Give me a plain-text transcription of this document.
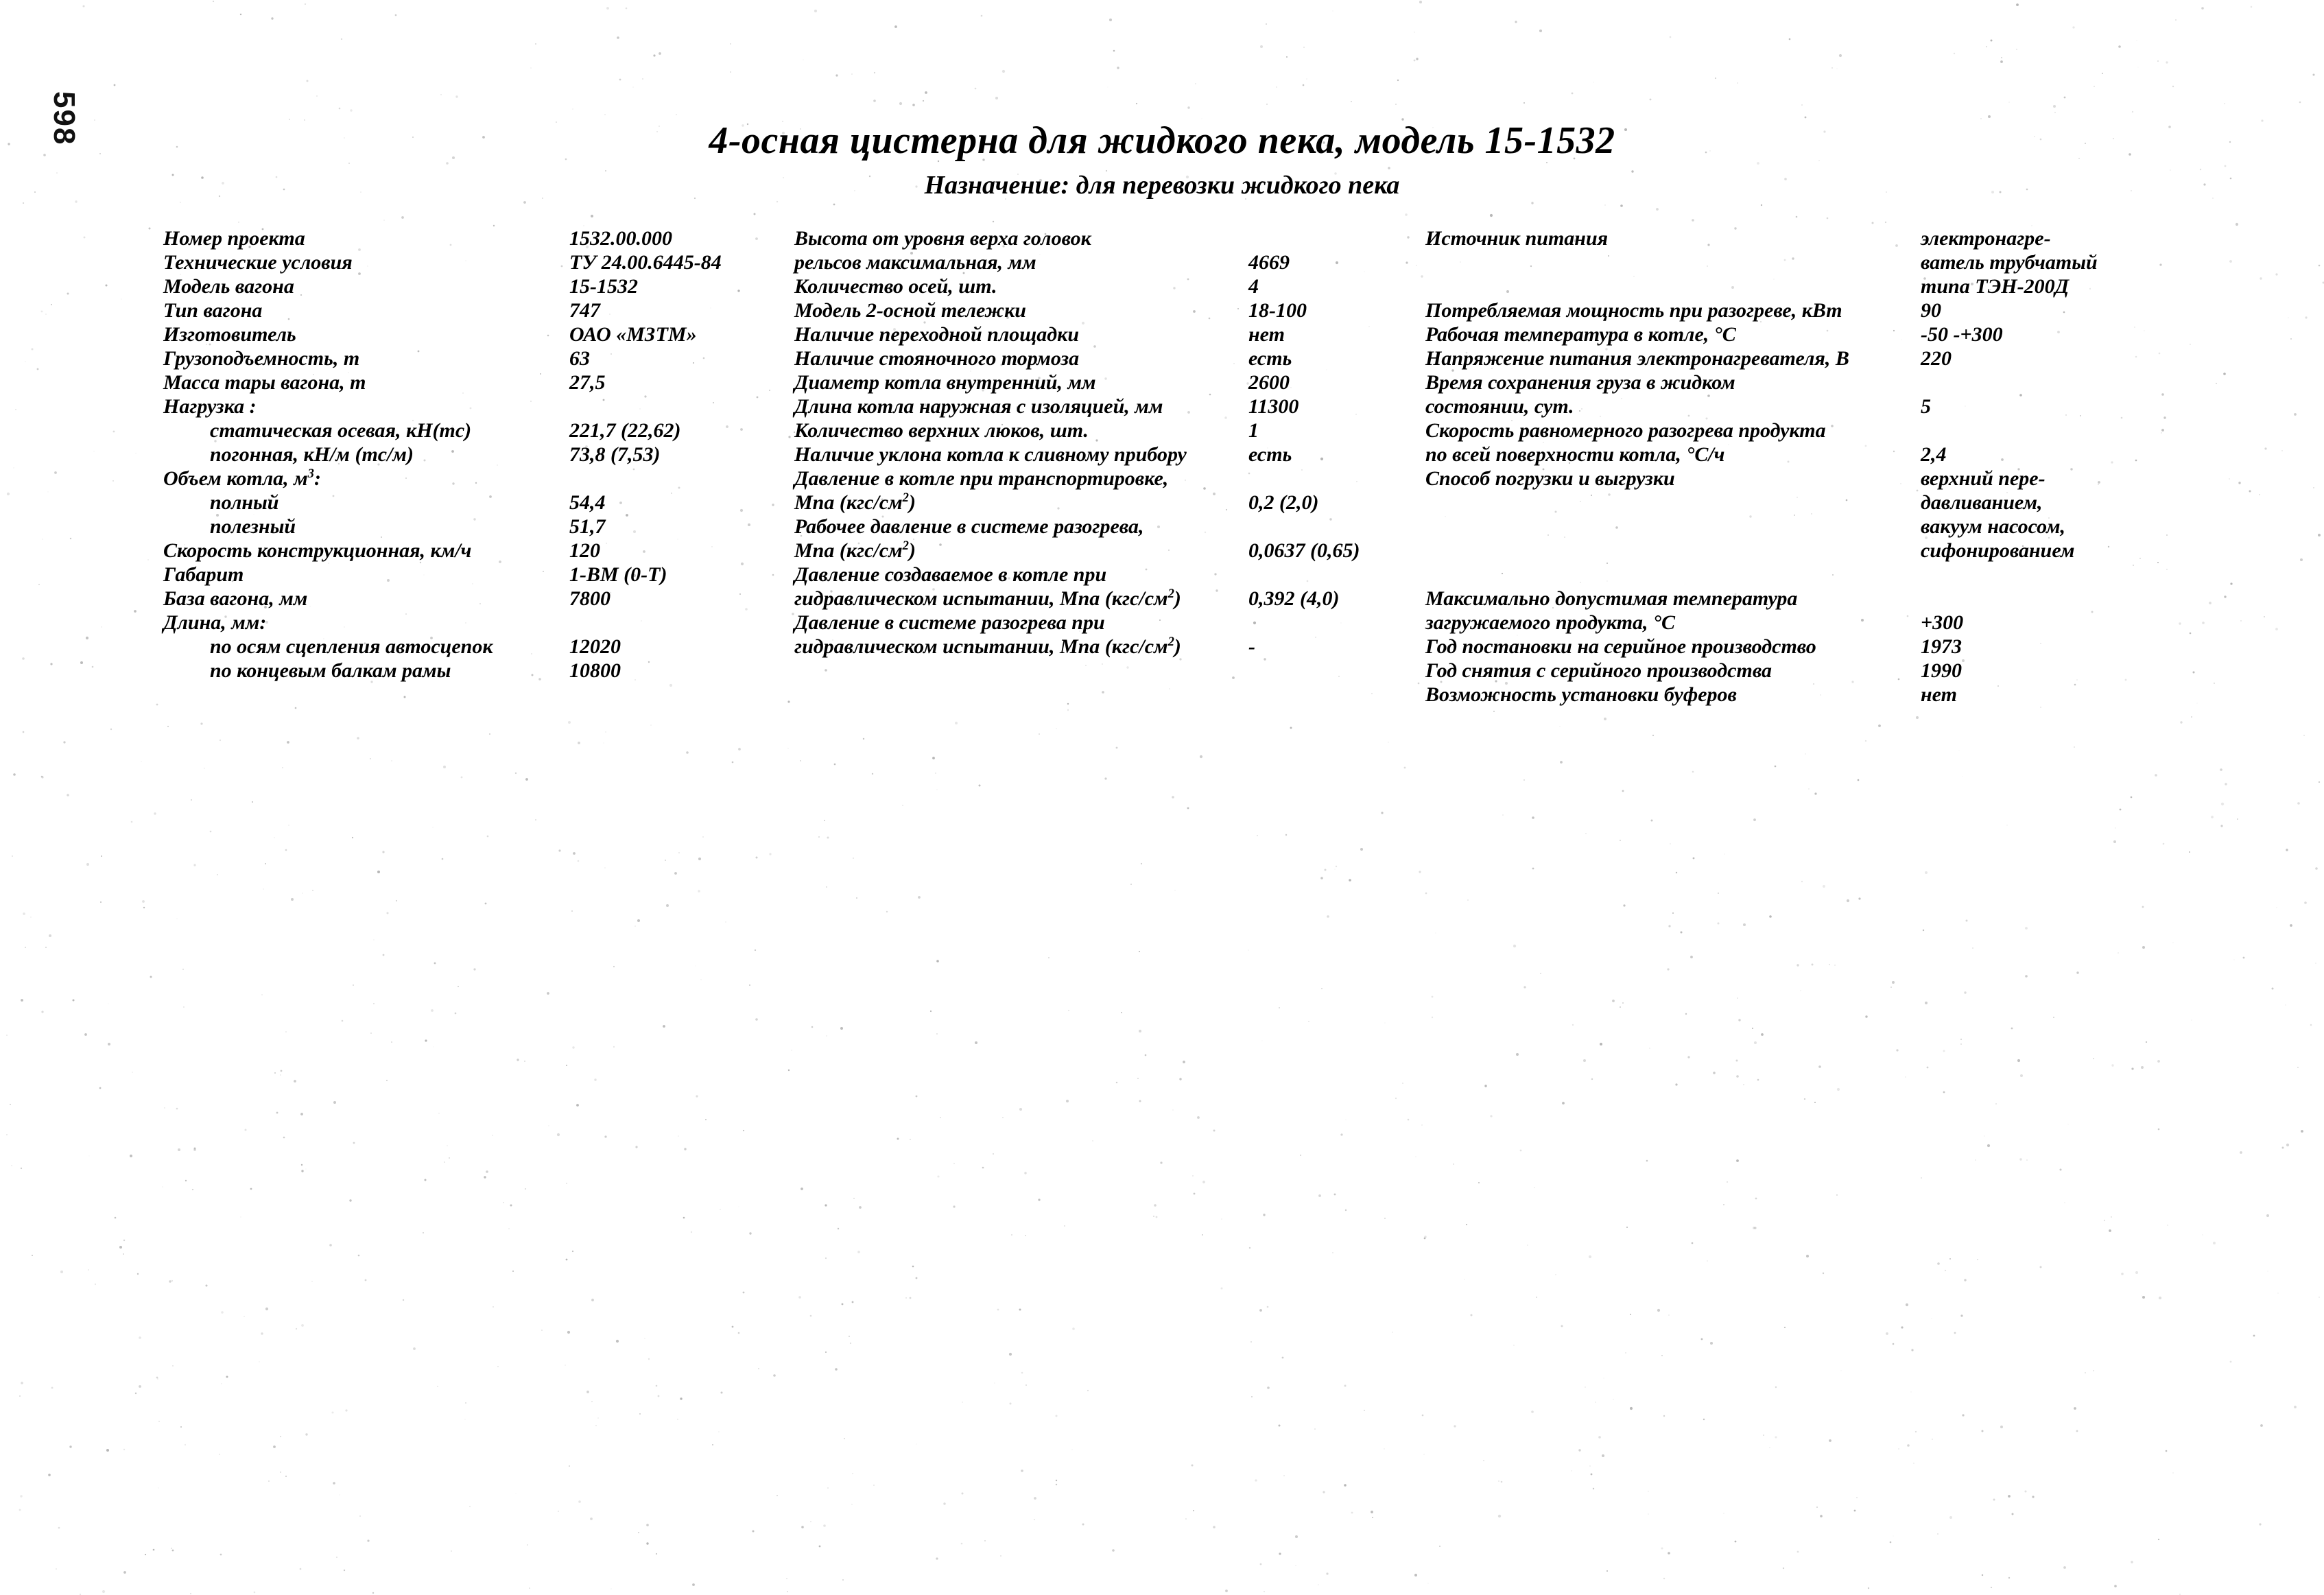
598	4-осная цистерна для жидкого пека, модель 15-1532
Назначение: для перевозки жидкого пека
Номер проекта	1532.00.000
Технические условия	ТУ 24.00.6445-84
Модель вагона	15-1532
Тип вагона	747
Изготовитель	ОАО «МЗТМ»
Грузоподъемность, т	63
Масса тары вагона, т	27,5
Нагрузка :
статическая осевая, кН(тс)	221,7 (22,62)
погонная, кН/м (тс/м)	73,8 (7,53)
Объем котла, $м^3$:
полный	54,4
полезный	51,7
Скорость конструкционная, км/ч	120
Габарит	1-ВМ (0-Т)
База вагона, мм	7800
Длина, мм:
по осям сцепления автосцепок	12020
по концевым балкам рамы	10800
Высота от уровня верха головок
рельсов максимальная, мм	4669
Количество осей, шт.	4
Модель 2-осной тележки	18-100
Наличие переходной площадки	нет
Наличие стояночного тормоза	есть
Диаметр котла внутренний, мм	2600
Длина котла наружная с изоляцией, мм	11300
Количество верхних люков, шт.	1
Наличие уклона котла к сливному прибору	есть
Давление в котле при транспортировке,
Мпа $(кгс/см^2)$	0,2 (2,0)
Рабочее давление в системе разогрева,
Мпа $(кгс/см^2)$	0,0637 (0,65)
Давление создаваемое в котле при
гидравлическом испытании, Мпа $(кгс/см^2)$	0,392 (4,0)
Давление в системе разогрева при
гидравлическом испытании, Мпа $(кгс/см^2)$	-
Источник питания	электронагре-
ватель трубчатый
типа ТЭН-200Д
Потребляемая мощность при разогреве, кВт	90
Рабочая температура в котле, °С	-50 -+300
Напряжение питания электронагревателя, В	220
Время сохранения груза в жидком
состоянии, сут.	5
Скорость равномерного разогрева продукта
по всей поверхности котла, °С/ч	2,4
Способ погрузки и выгрузки	верхний пере-
давливанием,
вакуум насосом,
сифонированием
Максимально допустимая температура
загружаемого продукта, °С	+300
Год постановки на серийное производство	1973
Год снятия с серийного производства	1990
Возможность установки буферов	нет
